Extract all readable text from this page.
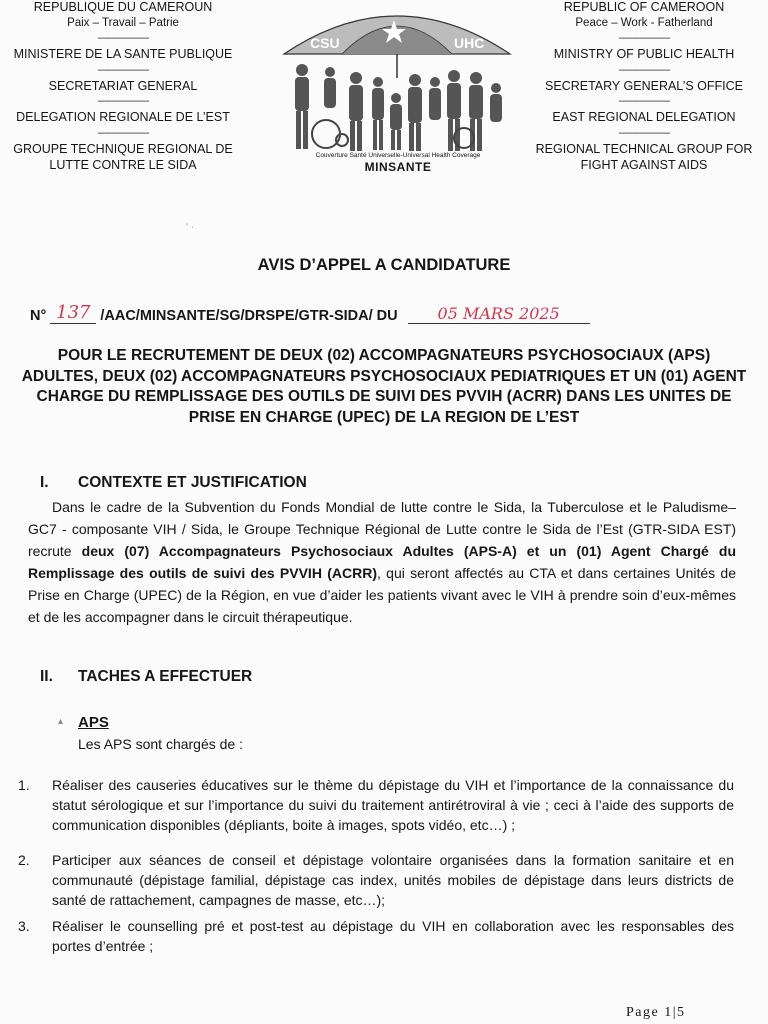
REPUBLIQUE DU CAMEROUN
Paix – Travail – Patrie
----------------------
MINISTERE DE LA SANTE PUBLIQUE
----------------------
SECRETARIAT GENERAL
----------------------
DELEGATION REGIONALE DE L’EST
----------------------
GROUPE TECHNIQUE REGIONAL DE
LUTTE CONTRE LE SIDA
CSU	UHC
Couverture Santé Universelle-Universal Health Coverage
MINSANTE
REPUBLIC OF CAMEROON
Peace – Work - Fatherland
----------------------
MINISTRY OF PUBLIC HEALTH
----------------------
SECRETARY GENERAL’S OFFICE
----------------------
EAST REGIONAL DELEGATION
----------------------
REGIONAL TECHNICAL GROUP FOR
FIGHT AGAINST AIDS
‘ ·
AVIS D’APPEL A CANDIDATURE
N° 137 /AAC/MINSANTE/SG/DRSPE/GTR-SIDA/ DU 05 MARS 2025
POUR LE RECRUTEMENT DE DEUX (02) ACCOMPAGNATEURS PSYCHOSOCIAUX (APS) ADULTES, DEUX (02) ACCOMPAGNATEURS PSYCHOSOCIAUX PEDIATRIQUES ET UN (01) AGENT CHARGE DU REMPLISSAGE DES OUTILS DE SUIVI DES PVVIH (ACRR) DANS LES UNITES DE PRISE EN CHARGE (UPEC) DE LA REGION DE L’EST
I. CONTEXTE ET JUSTIFICATION
Dans le cadre de la Subvention du Fonds Mondial de lutte contre le Sida, la Tuberculose et le Paludisme– GC7 - composante VIH / Sida, le Groupe Technique Régional de Lutte contre le Sida de l’Est (GTR-SIDA EST) recrute deux (07) Accompagnateurs Psychosociaux Adultes (APS-A) et un (01) Agent Chargé du Remplissage des outils de suivi des PVVIH (ACRR), qui seront affectés au CTA et dans certaines Unités de Prise en Charge (UPEC) de la Région, en vue d’aider les patients vivant avec le VIH à prendre soin d’eux-mêmes et de les accompagner dans le circuit thérapeutique.
II. TACHES A EFFECTUER
▴ APS
Les APS sont chargés de :
1. Réaliser des causeries éducatives sur le thème du dépistage du VIH et l’importance de la connaissance du statut sérologique et sur l’importance du suivi du traitement antirétroviral à vie ; ceci à l’aide des supports de communication disponibles (dépliants, boite à images, spots vidéo, etc…) ;
2. Participer aux séances de conseil et dépistage volontaire organisées dans la formation sanitaire et en communauté (dépistage familial, dépistage cas index, unités mobiles de dépistage dans leurs districts de santé de rattachement, campagnes de masse, etc…);
3. Réaliser le counselling pré et post-test au dépistage du VIH en collaboration avec les responsables des portes d’entrée ;
Page 1|5
